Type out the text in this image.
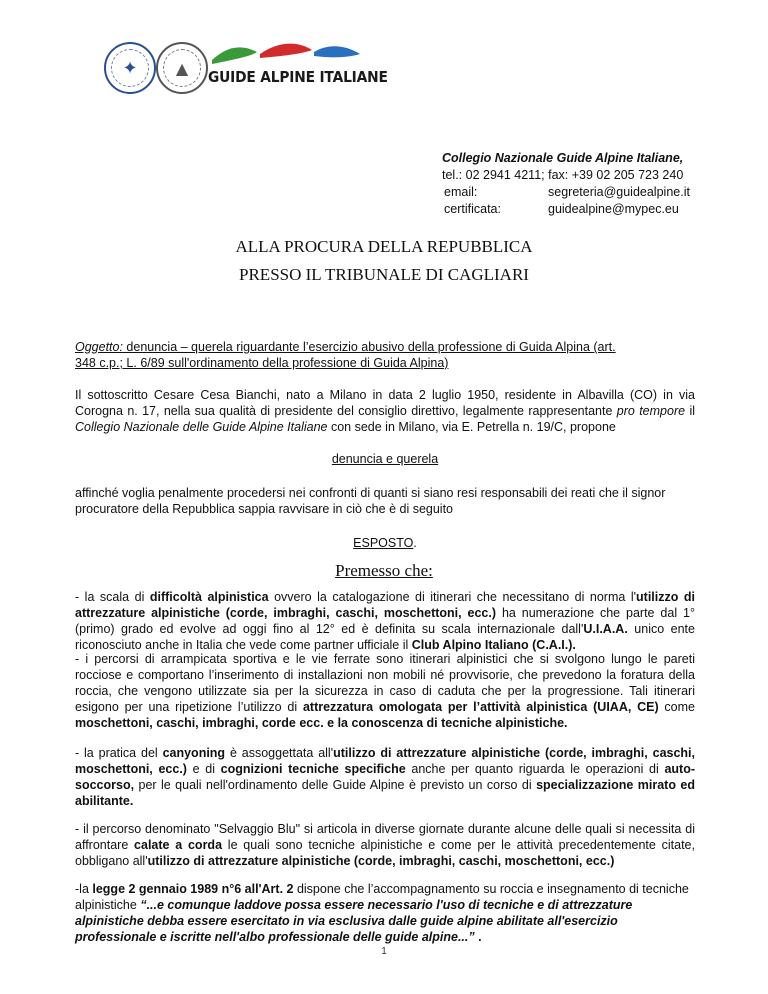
✦ ▲ GUIDE ALPINE ITALIANE
Collegio Nazionale Guide Alpine Italiane,
tel.: 02 2941 4211; fax: +39 02 205 723 240
email:	segreteria@guidealpine.it
certificata:	guidealpine@mypec.eu
ALLA PROCURA DELLA REPUBBLICA
PRESSO IL TRIBUNALE DI CAGLIARI
Oggetto: denuncia – querela riguardante l’esercizio abusivo della professione di Guida Alpina (art.
348 c.p.; L. 6/89 sull'ordinamento della professione di Guida Alpina)
Il sottoscritto Cesare Cesa Bianchi, nato a Milano in data 2 luglio 1950, residente in Albavilla (CO) in via Corogna n. 17, nella sua qualità di presidente del consiglio direttivo, legalmente rappresentante pro tempore il Collegio Nazionale delle Guide Alpine Italiane con sede in Milano, via E. Petrella n. 19/C, propone
denuncia e querela
affinché voglia penalmente procedersi nei confronti di quanti si siano resi responsabili dei reati che il signor procuratore della Repubblica sappia ravvisare in ciò che è di seguito
ESPOSTO.
Premesso che:
- la scala di difficoltà alpinistica ovvero la catalogazione di itinerari che necessitano di norma l'utilizzo di attrezzature alpinistiche (corde, imbraghi, caschi, moschettoni, ecc.) ha numerazione che parte dal 1° (primo) grado ed evolve ad oggi fino al 12° ed è definita su scala internazionale dall'U.I.A.A. unico ente riconosciuto anche in Italia che vede come partner ufficiale il Club Alpino Italiano (C.A.I.).
- i percorsi di arrampicata sportiva e le vie ferrate sono itinerari alpinistici che si svolgono lungo le pareti rocciose e comportano l’inserimento di installazioni non mobili né provvisorie, che prevedono la foratura della roccia, che vengono utilizzate sia per la sicurezza in caso di caduta che per la progressione. Tali itinerari esigono per una ripetizione l’utilizzo di attrezzatura omologata per l’attività alpinistica (UIAA, CE) come moschettoni, caschi, imbraghi, corde ecc. e la conoscenza di tecniche alpinistiche.
- la pratica del canyoning è assoggettata all'utilizzo di attrezzature alpinistiche (corde, imbraghi, caschi, moschettoni, ecc.) e di cognizioni tecniche specifiche anche per quanto riguarda le operazioni di auto-soccorso, per le quali nell'ordinamento delle Guide Alpine è previsto un corso di specializzazione mirato ed abilitante.
- il percorso denominato "Selvaggio Blu" si articola in diverse giornate durante alcune delle quali si necessita di affrontare calate a corda le quali sono tecniche alpinistiche e come per le attività precedentemente citate, obbligano all'utilizzo di attrezzature alpinistiche (corde, imbraghi, caschi, moschettoni, ecc.)
-la legge 2 gennaio 1989 n°6 all'Art. 2 dispone che l’accompagnamento su roccia e insegnamento di tecniche alpinistiche “...e comunque laddove possa essere necessario l'uso di tecniche e di attrezzature alpinistiche debba essere esercitato in via esclusiva dalle guide alpine abilitate all'esercizio professionale e iscritte nell'albo professionale delle guide alpine...” .
1
